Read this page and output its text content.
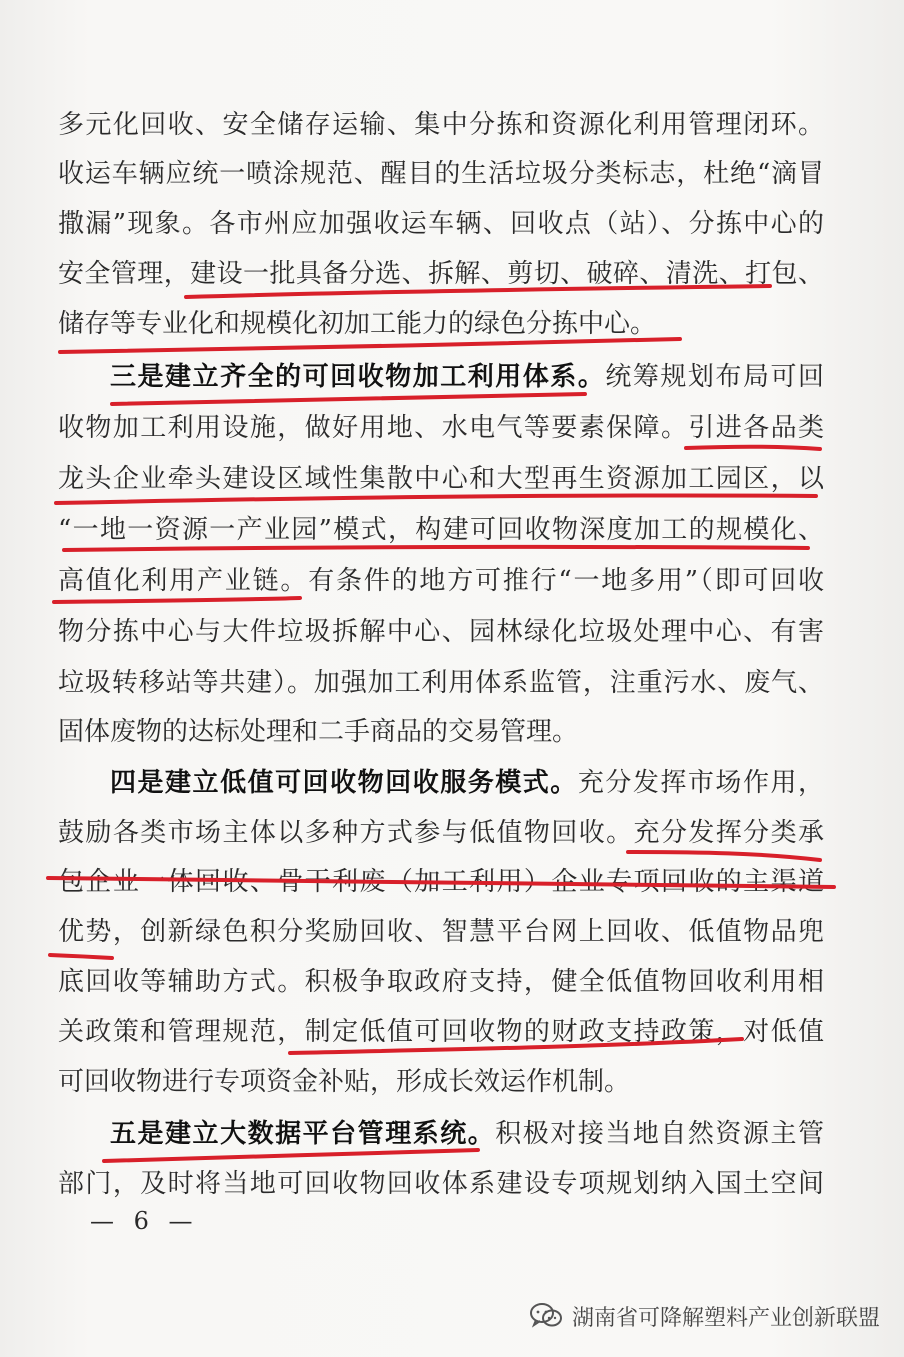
多元化回收、安全储存运输、集中分拣和资源化利用管理闭环。
收运车辆应统一喷涂规范、醒目的生活垃圾分类标志，杜绝“滴冒
撒漏”现象。各市州应加强收运车辆、回收点（站）、分拣中心的
安全管理，建设一批具备分选、拆解、剪切、破碎、清洗、打包、
储存等专业化和规模化初加工能力的绿色分拣中心。
三是建立齐全的可回收物加工利用体系。统筹规划布局可回
收物加工利用设施，做好用地、水电气等要素保障。引进各品类
龙头企业牵头建设区域性集散中心和大型再生资源加工园区，以
“一地一资源一产业园”模式，构建可回收物深度加工的规模化、
高值化利用产业链。有条件的地方可推行“一地多用”（即可回收
物分拣中心与大件垃圾拆解中心、园林绿化垃圾处理中心、有害
垃圾转移站等共建）。加强加工利用体系监管，注重污水、废气、
固体废物的达标处理和二手商品的交易管理。
四是建立低值可回收物回收服务模式。充分发挥市场作用，
鼓励各类市场主体以多种方式参与低值物回收。充分发挥分类承
包企业一体回收、骨干利废（加工利用）企业专项回收的主渠道
优势，创新绿色积分奖励回收、智慧平台网上回收、低值物品兜
底回收等辅助方式。积极争取政府支持，健全低值物回收利用相
关政策和管理规范，制定低值可回收物的财政支持政策，对低值
可回收物进行专项资金补贴，形成长效运作机制。
五是建立大数据平台管理系统。积极对接当地自然资源主管
部门，及时将当地可回收物回收体系建设专项规划纳入国土空间
— 6 —
湖南省可降解塑料产业创新联盟
